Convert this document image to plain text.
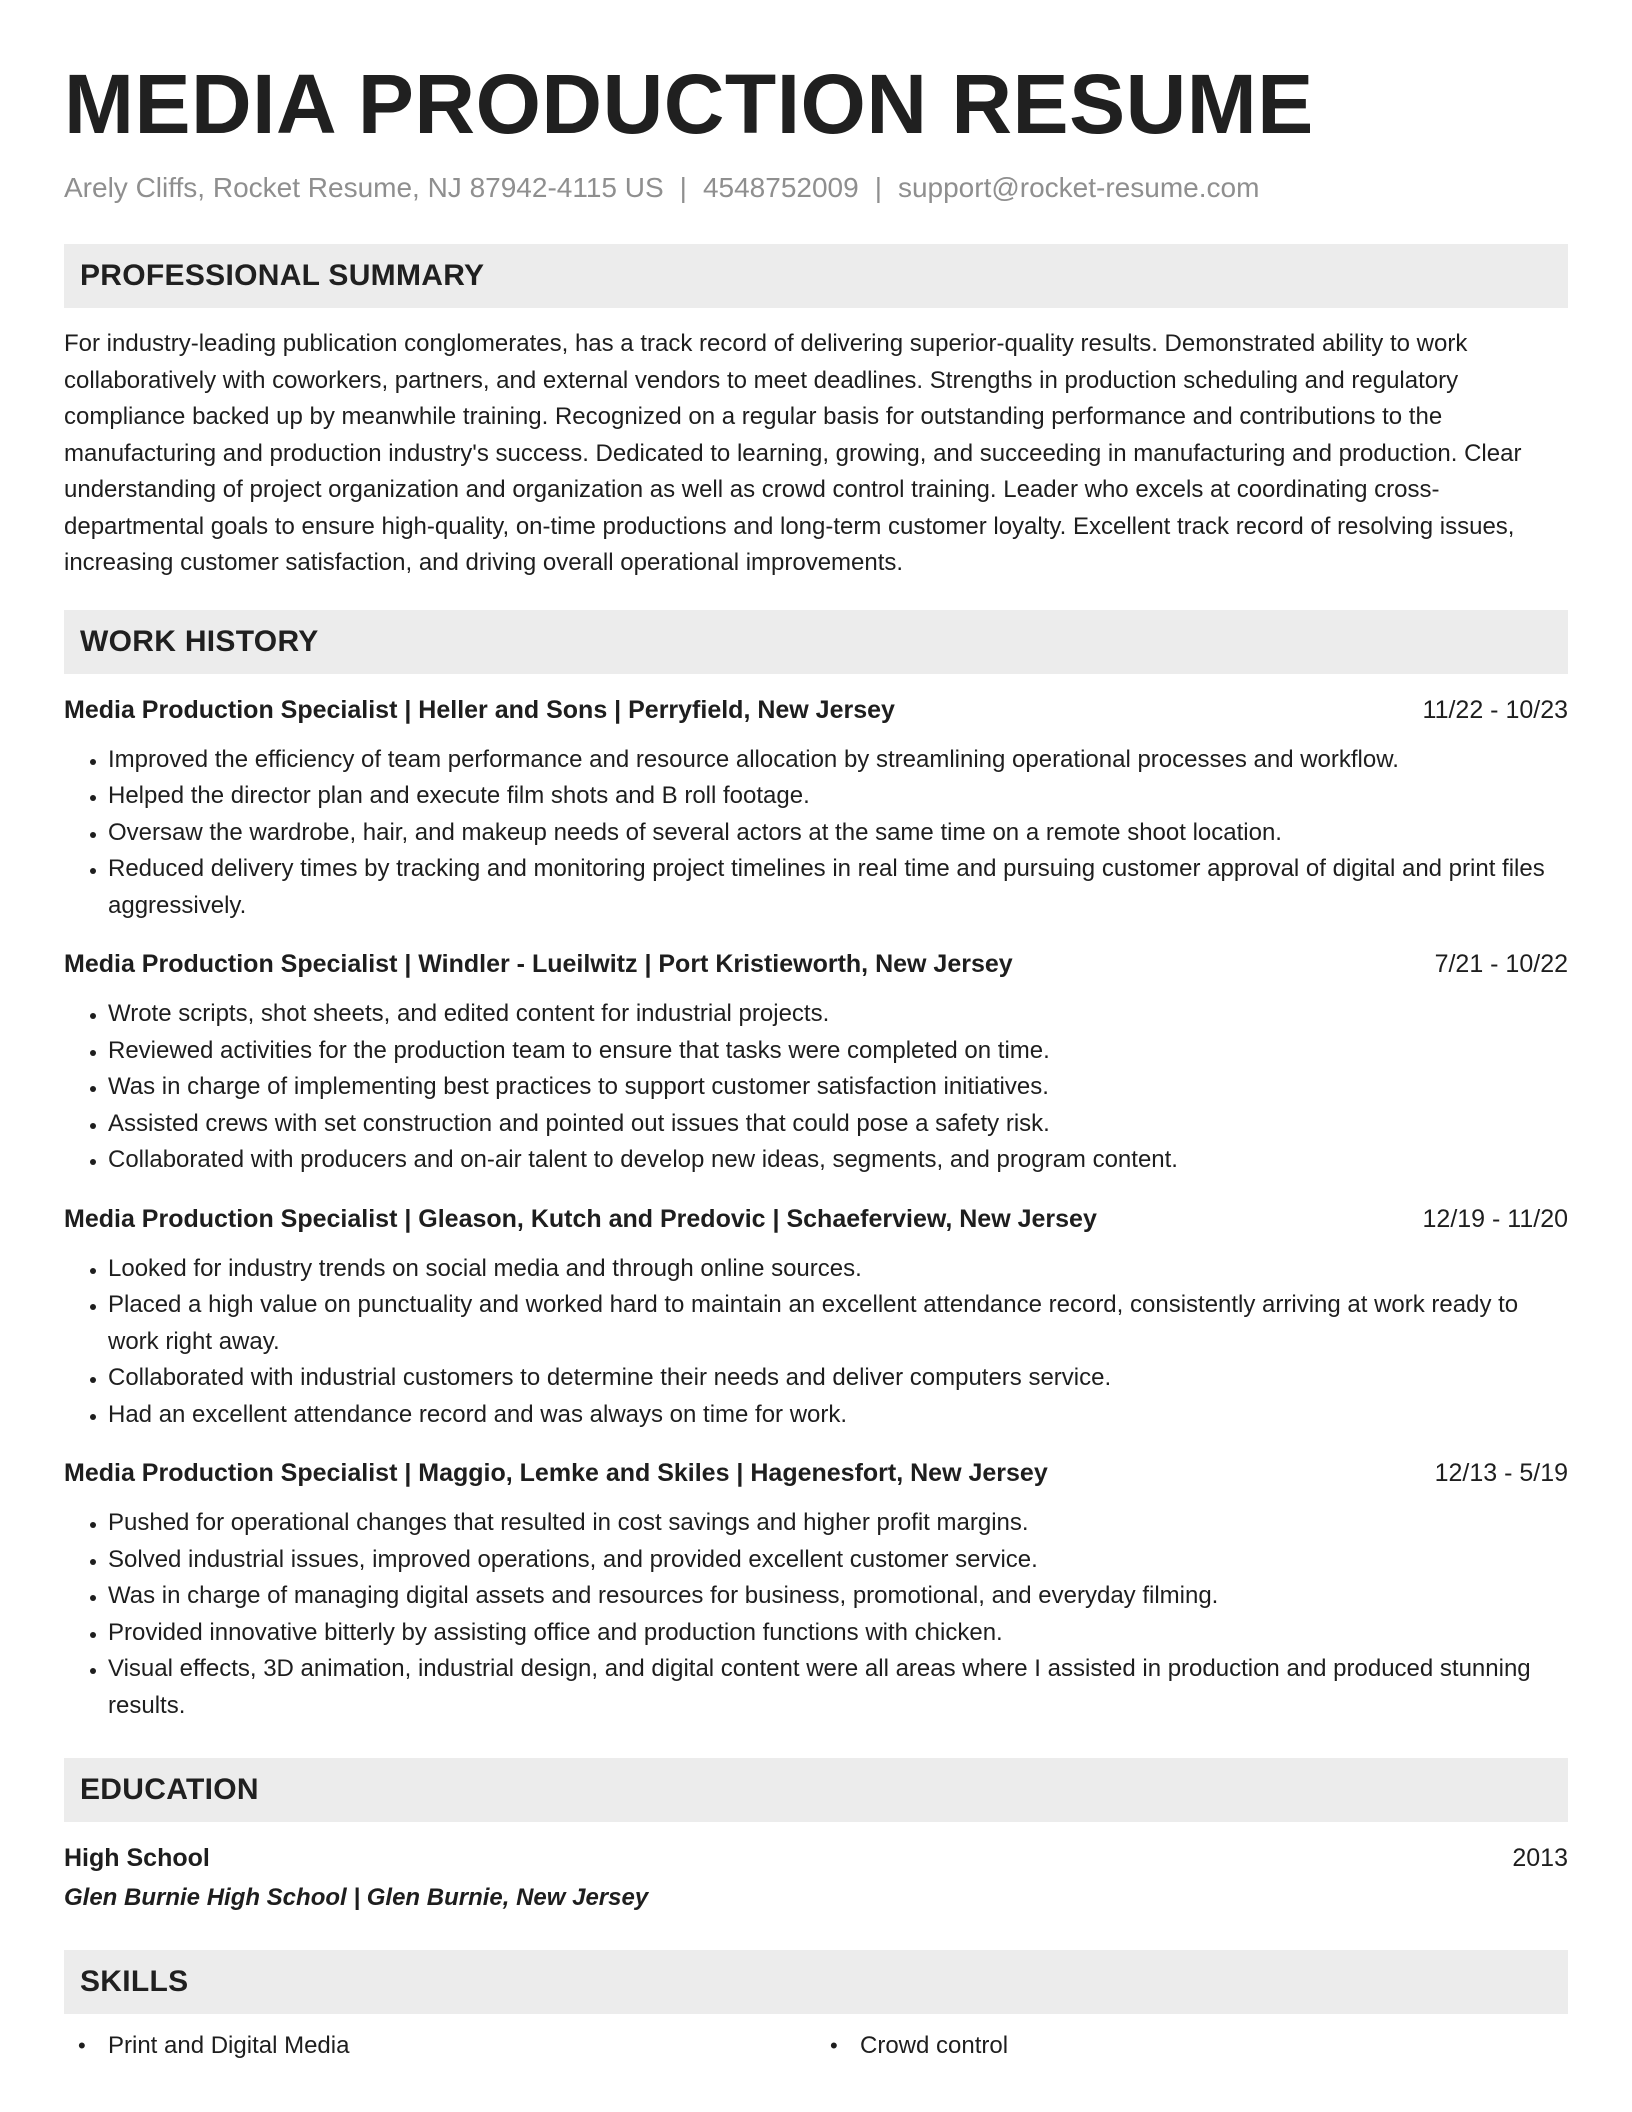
MEDIA PRODUCTION RESUME
Arely Cliffs, Rocket Resume, NJ 87942-4115 US | 4548752009 | support@rocket-resume.com
PROFESSIONAL SUMMARY

For industry-leading publication conglomerates, has a track record of delivering superior-quality results. Demonstrated ability to work collaboratively with coworkers, partners, and external vendors to meet deadlines. Strengths in production scheduling and regulatory compliance backed up by meanwhile training. Recognized on a regular basis for outstanding performance and contributions to the manufacturing and production industry's success. Dedicated to learning, growing, and succeeding in manufacturing and production. Clear understanding of project organization and organization as well as crowd control training. Leader who excels at coordinating cross-departmental goals to ensure high-quality, on-time productions and long-term customer loyalty. Excellent track record of resolving issues, increasing customer satisfaction, and driving overall operational improvements.

WORK HISTORY
Media Production Specialist | Heller and Sons | Perryfield, New Jersey	11/22 - 10/23
• Improved the efficiency of team performance and resource allocation by streamlining operational processes and workflow.
• Helped the director plan and execute film shots and B roll footage.
• Oversaw the wardrobe, hair, and makeup needs of several actors at the same time on a remote shoot location.
• Reduced delivery times by tracking and monitoring project timelines in real time and pursuing customer approval of digital and print files aggressively.
Media Production Specialist | Windler - Lueilwitz | Port Kristieworth, New Jersey	7/21 - 10/22
• Wrote scripts, shot sheets, and edited content for industrial projects.
• Reviewed activities for the production team to ensure that tasks were completed on time.
• Was in charge of implementing best practices to support customer satisfaction initiatives.
• Assisted crews with set construction and pointed out issues that could pose a safety risk.
• Collaborated with producers and on-air talent to develop new ideas, segments, and program content.
Media Production Specialist | Gleason, Kutch and Predovic | Schaeferview, New Jersey	12/19 - 11/20
• Looked for industry trends on social media and through online sources.
• Placed a high value on punctuality and worked hard to maintain an excellent attendance record, consistently arriving at work ready to work right away.
• Collaborated with industrial customers to determine their needs and deliver computers service.
• Had an excellent attendance record and was always on time for work.
Media Production Specialist | Maggio, Lemke and Skiles | Hagenesfort, New Jersey	12/13 - 5/19
• Pushed for operational changes that resulted in cost savings and higher profit margins.
• Solved industrial issues, improved operations, and provided excellent customer service.
• Was in charge of managing digital assets and resources for business, promotional, and everyday filming.
• Provided innovative bitterly by assisting office and production functions with chicken.
• Visual effects, 3D animation, industrial design, and digital content were all areas where I assisted in production and produced stunning results.
EDUCATION
High School	2013
Glen Burnie High School | Glen Burnie, New Jersey
SKILLS
• Print and Digital Media
•	Crowd control
